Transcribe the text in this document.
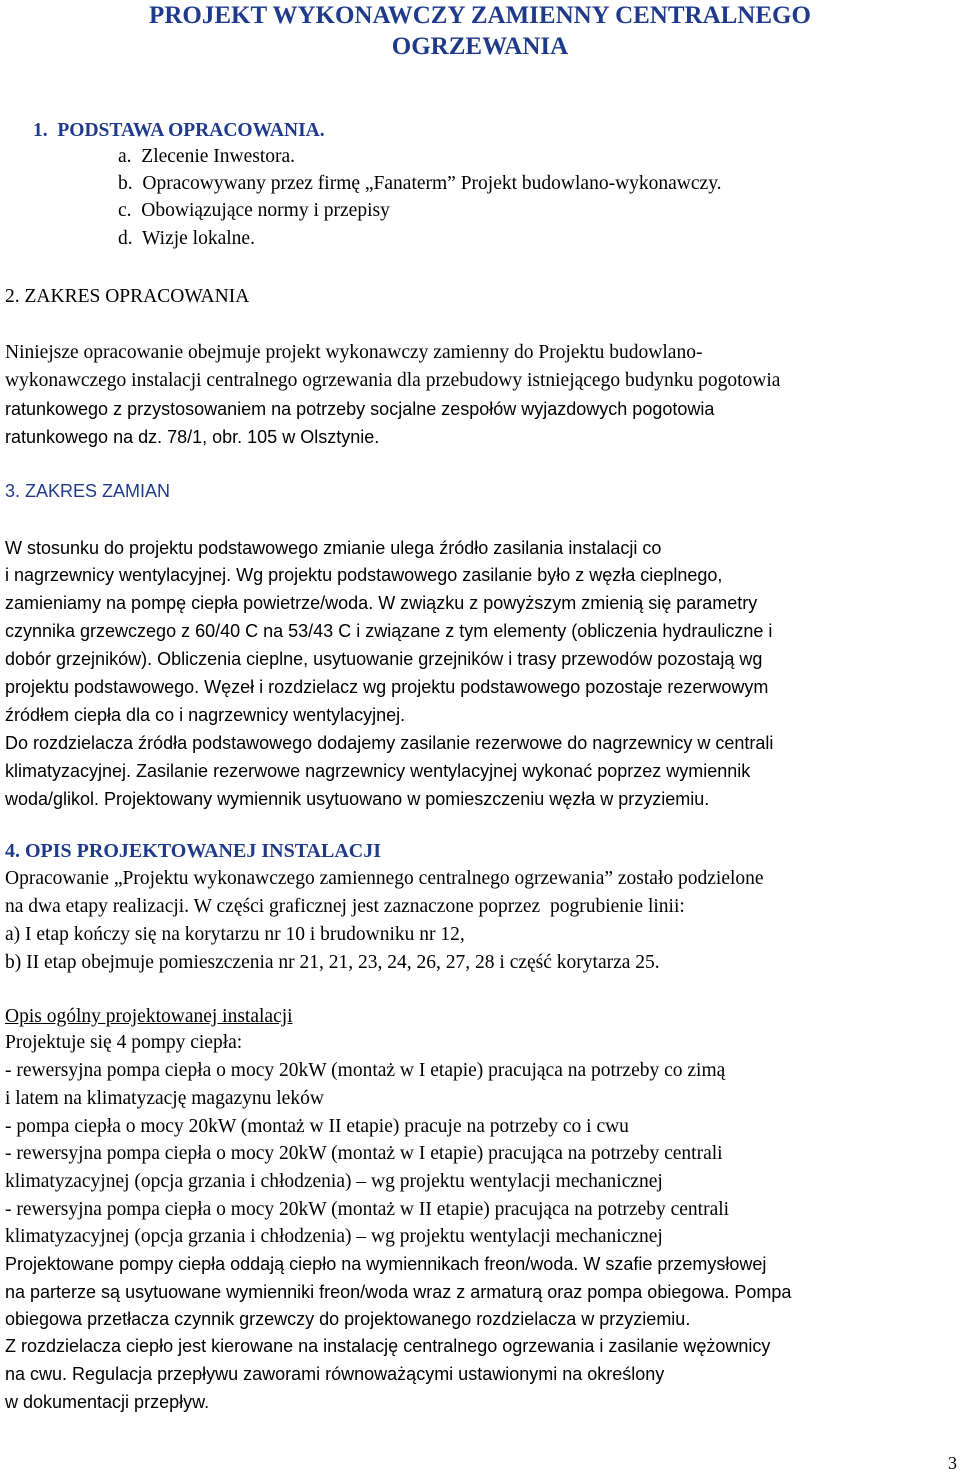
PROJEKT WYKONAWCZY ZAMIENNY CENTRALNEGO
OGRZEWANIA
1.  PODSTAWA OPRACOWANIA.
a.  Zlecenie Inwestora.
b.  Opracowywany przez firmę „Fanaterm” Projekt budowlano-wykonawczy.
c.  Obowiązujące normy i przepisy
d.  Wizje lokalne.
2. ZAKRES OPRACOWANIA
Niniejsze opracowanie obejmuje projekt wykonawczy zamienny do Projektu budowlano-
wykonawczego instalacji centralnego ogrzewania dla przebudowy istniejącego budynku pogotowia
ratunkowego z przystosowaniem na potrzeby socjalne zespołów wyjazdowych pogotowia
ratunkowego na dz. 78/1, obr. 105 w Olsztynie.
3. ZAKRES ZAMIAN
W stosunku do projektu podstawowego zmianie ulega źródło zasilania instalacji co
i nagrzewnicy wentylacyjnej. Wg projektu podstawowego zasilanie było z węzła cieplnego,
zamieniamy na pompę ciepła powietrze/woda. W związku z powyższym zmienią się parametry
czynnika grzewczego z 60/40 C na 53/43 C i związane z tym elementy (obliczenia hydrauliczne i
dobór grzejników). Obliczenia cieplne, usytuowanie grzejników i trasy przewodów pozostają wg
projektu podstawowego. Węzeł i rozdzielacz wg projektu podstawowego pozostaje rezerwowym
źródłem ciepła dla co i nagrzewnicy wentylacyjnej.
Do rozdzielacza źródła podstawowego dodajemy zasilanie rezerwowe do nagrzewnicy w centrali
klimatyzacyjnej. Zasilanie rezerwowe nagrzewnicy wentylacyjnej wykonać poprzez wymiennik
woda/glikol. Projektowany wymiennik usytuowano w pomieszczeniu węzła w przyziemiu.
4. OPIS PROJEKTOWANEJ INSTALACJI
Opracowanie „Projektu wykonawczego zamiennego centralnego ogrzewania” zostało podzielone
na dwa etapy realizacji. W części graficznej jest zaznaczone poprzez  pogrubienie linii:
a) I etap kończy się na korytarzu nr 10 i brudowniku nr 12,
b) II etap obejmuje pomieszczenia nr 21, 21, 23, 24, 26, 27, 28 i część korytarza 25.
Opis ogólny projektowanej instalacji
Projektuje się 4 pompy ciepła:
- rewersyjna pompa ciepła o mocy 20kW (montaż w I etapie) pracująca na potrzeby co zimą
i latem na klimatyzację magazynu leków
- pompa ciepła o mocy 20kW (montaż w II etapie) pracuje na potrzeby co i cwu
- rewersyjna pompa ciepła o mocy 20kW (montaż w I etapie) pracująca na potrzeby centrali
klimatyzacyjnej (opcja grzania i chłodzenia) – wg projektu wentylacji mechanicznej
- rewersyjna pompa ciepła o mocy 20kW (montaż w II etapie) pracująca na potrzeby centrali
klimatyzacyjnej (opcja grzania i chłodzenia) – wg projektu wentylacji mechanicznej
Projektowane pompy ciepła oddają ciepło na wymiennikach freon/woda. W szafie przemysłowej
na parterze są usytuowane wymienniki freon/woda wraz z armaturą oraz pompa obiegowa. Pompa
obiegowa przetłacza czynnik grzewczy do projektowanego rozdzielacza w przyziemiu.
Z rozdzielacza ciepło jest kierowane na instalację centralnego ogrzewania i zasilanie wężownicy
na cwu. Regulacja przepływu zaworami równoważącymi ustawionymi na określony
w dokumentacji przepływ.
3
